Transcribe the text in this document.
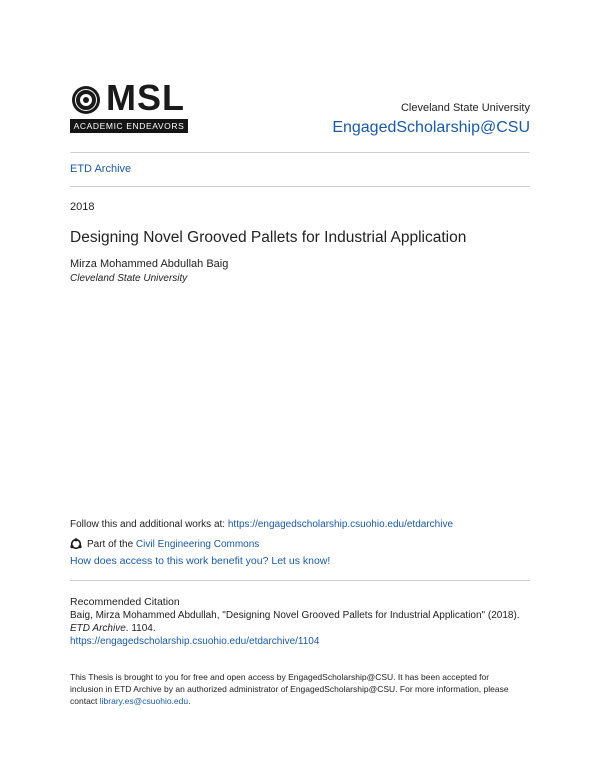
MSL
ACADEMIC ENDEAVORS
Cleveland State University
EngagedScholarship@CSU
ETD Archive
2018
Designing Novel Grooved Pallets for Industrial Application
Mirza Mohammed Abdullah Baig
Cleveland State University
Follow this and additional works at: https://engagedscholarship.csuohio.edu/etdarchive
Part of the
Civil Engineering Commons
How does access to this work benefit you? Let us know!
Recommended Citation
Baig, Mirza Mohammed Abdullah, "Designing Novel Grooved Pallets for Industrial Application" (2018).
ETD Archive. 1104.
https://engagedscholarship.csuohio.edu/etdarchive/1104
This Thesis is brought to you for free and open access by EngagedScholarship@CSU. It has been accepted for inclusion in ETD Archive by an authorized administrator of EngagedScholarship@CSU. For more information, please contact library.es@csuohio.edu.
